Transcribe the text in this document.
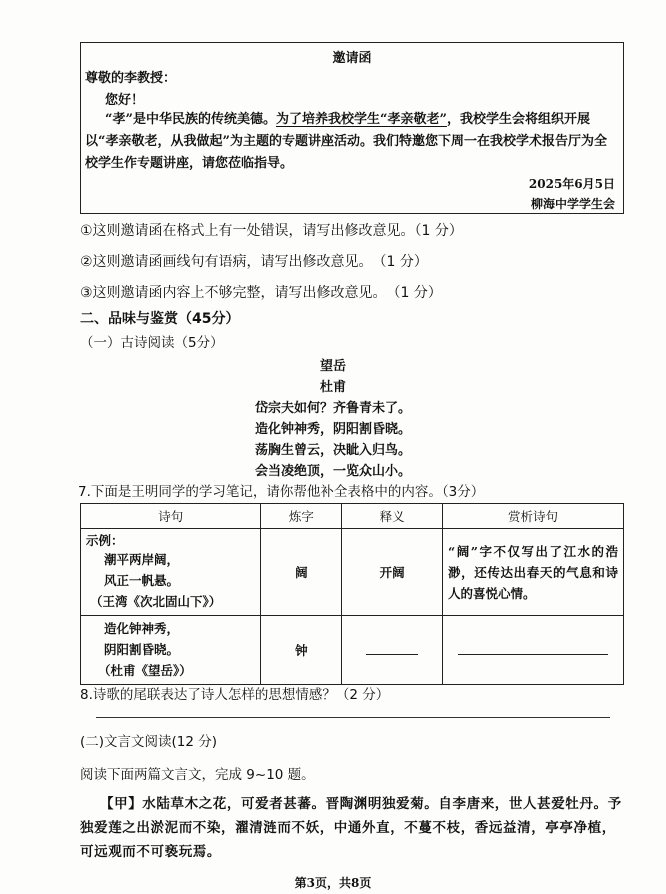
邀请函
尊敬的李教授：
您好！
“孝”是中华民族的传统美德。为了培养我校学生“孝亲敬老”，我校学生会将组织开展以“孝亲敬老，从我做起”为主题的专题讲座活动。我们特邀您下周一在我校学术报告厅为全校学生作专题讲座，请您莅临指导。
2025年6月5日
柳海中学学生会
①这则邀请函在格式上有一处错误，请写出修改意见。（1 分）
②这则邀请函画线句有语病，请写出修改意见。　（1 分）
③这则邀请函内容上不够完整，请写出修改意见。　（1 分）
二、品味与鉴赏（45分）
（一）古诗阅读（5分）
望岳
杜甫
岱宗夫如何？齐鲁青未了。
造化钟神秀，阴阳割昏晓。
荡胸生曾云，决眦入归鸟。
会当凌绝顶，一览众山小。
7.下面是王明同学的学习笔记，请你帮他补全表格中的内容。（3分）
诗句	炼字	释义	赏析诗句

示例：
潮平两岸阔，
风正一帆悬。
（王湾《次北固山下》）	阔	开阔	“阔”字不仅写出了江水的浩渺，还传达出春天的气息和诗人的喜悦心情。

造化钟神秀，
阴阳割昏晓。
（杜甫《望岳》）	钟		
8.诗歌的尾联表达了诗人怎样的思想情感？（2 分）
(二)文言文阅读(12 分)
阅读下面两篇文言文，完成 9~10 题。
【甲】水陆草木之花，可爱者甚蕃。晋陶渊明独爱菊。自李唐来，世人甚爱牡丹。予独爱莲之出淤泥而不染，濯清涟而不妖，中通外直，不蔓不枝，香远益清，亭亭净植，可远观而不可亵玩焉。
第3页，共8页
